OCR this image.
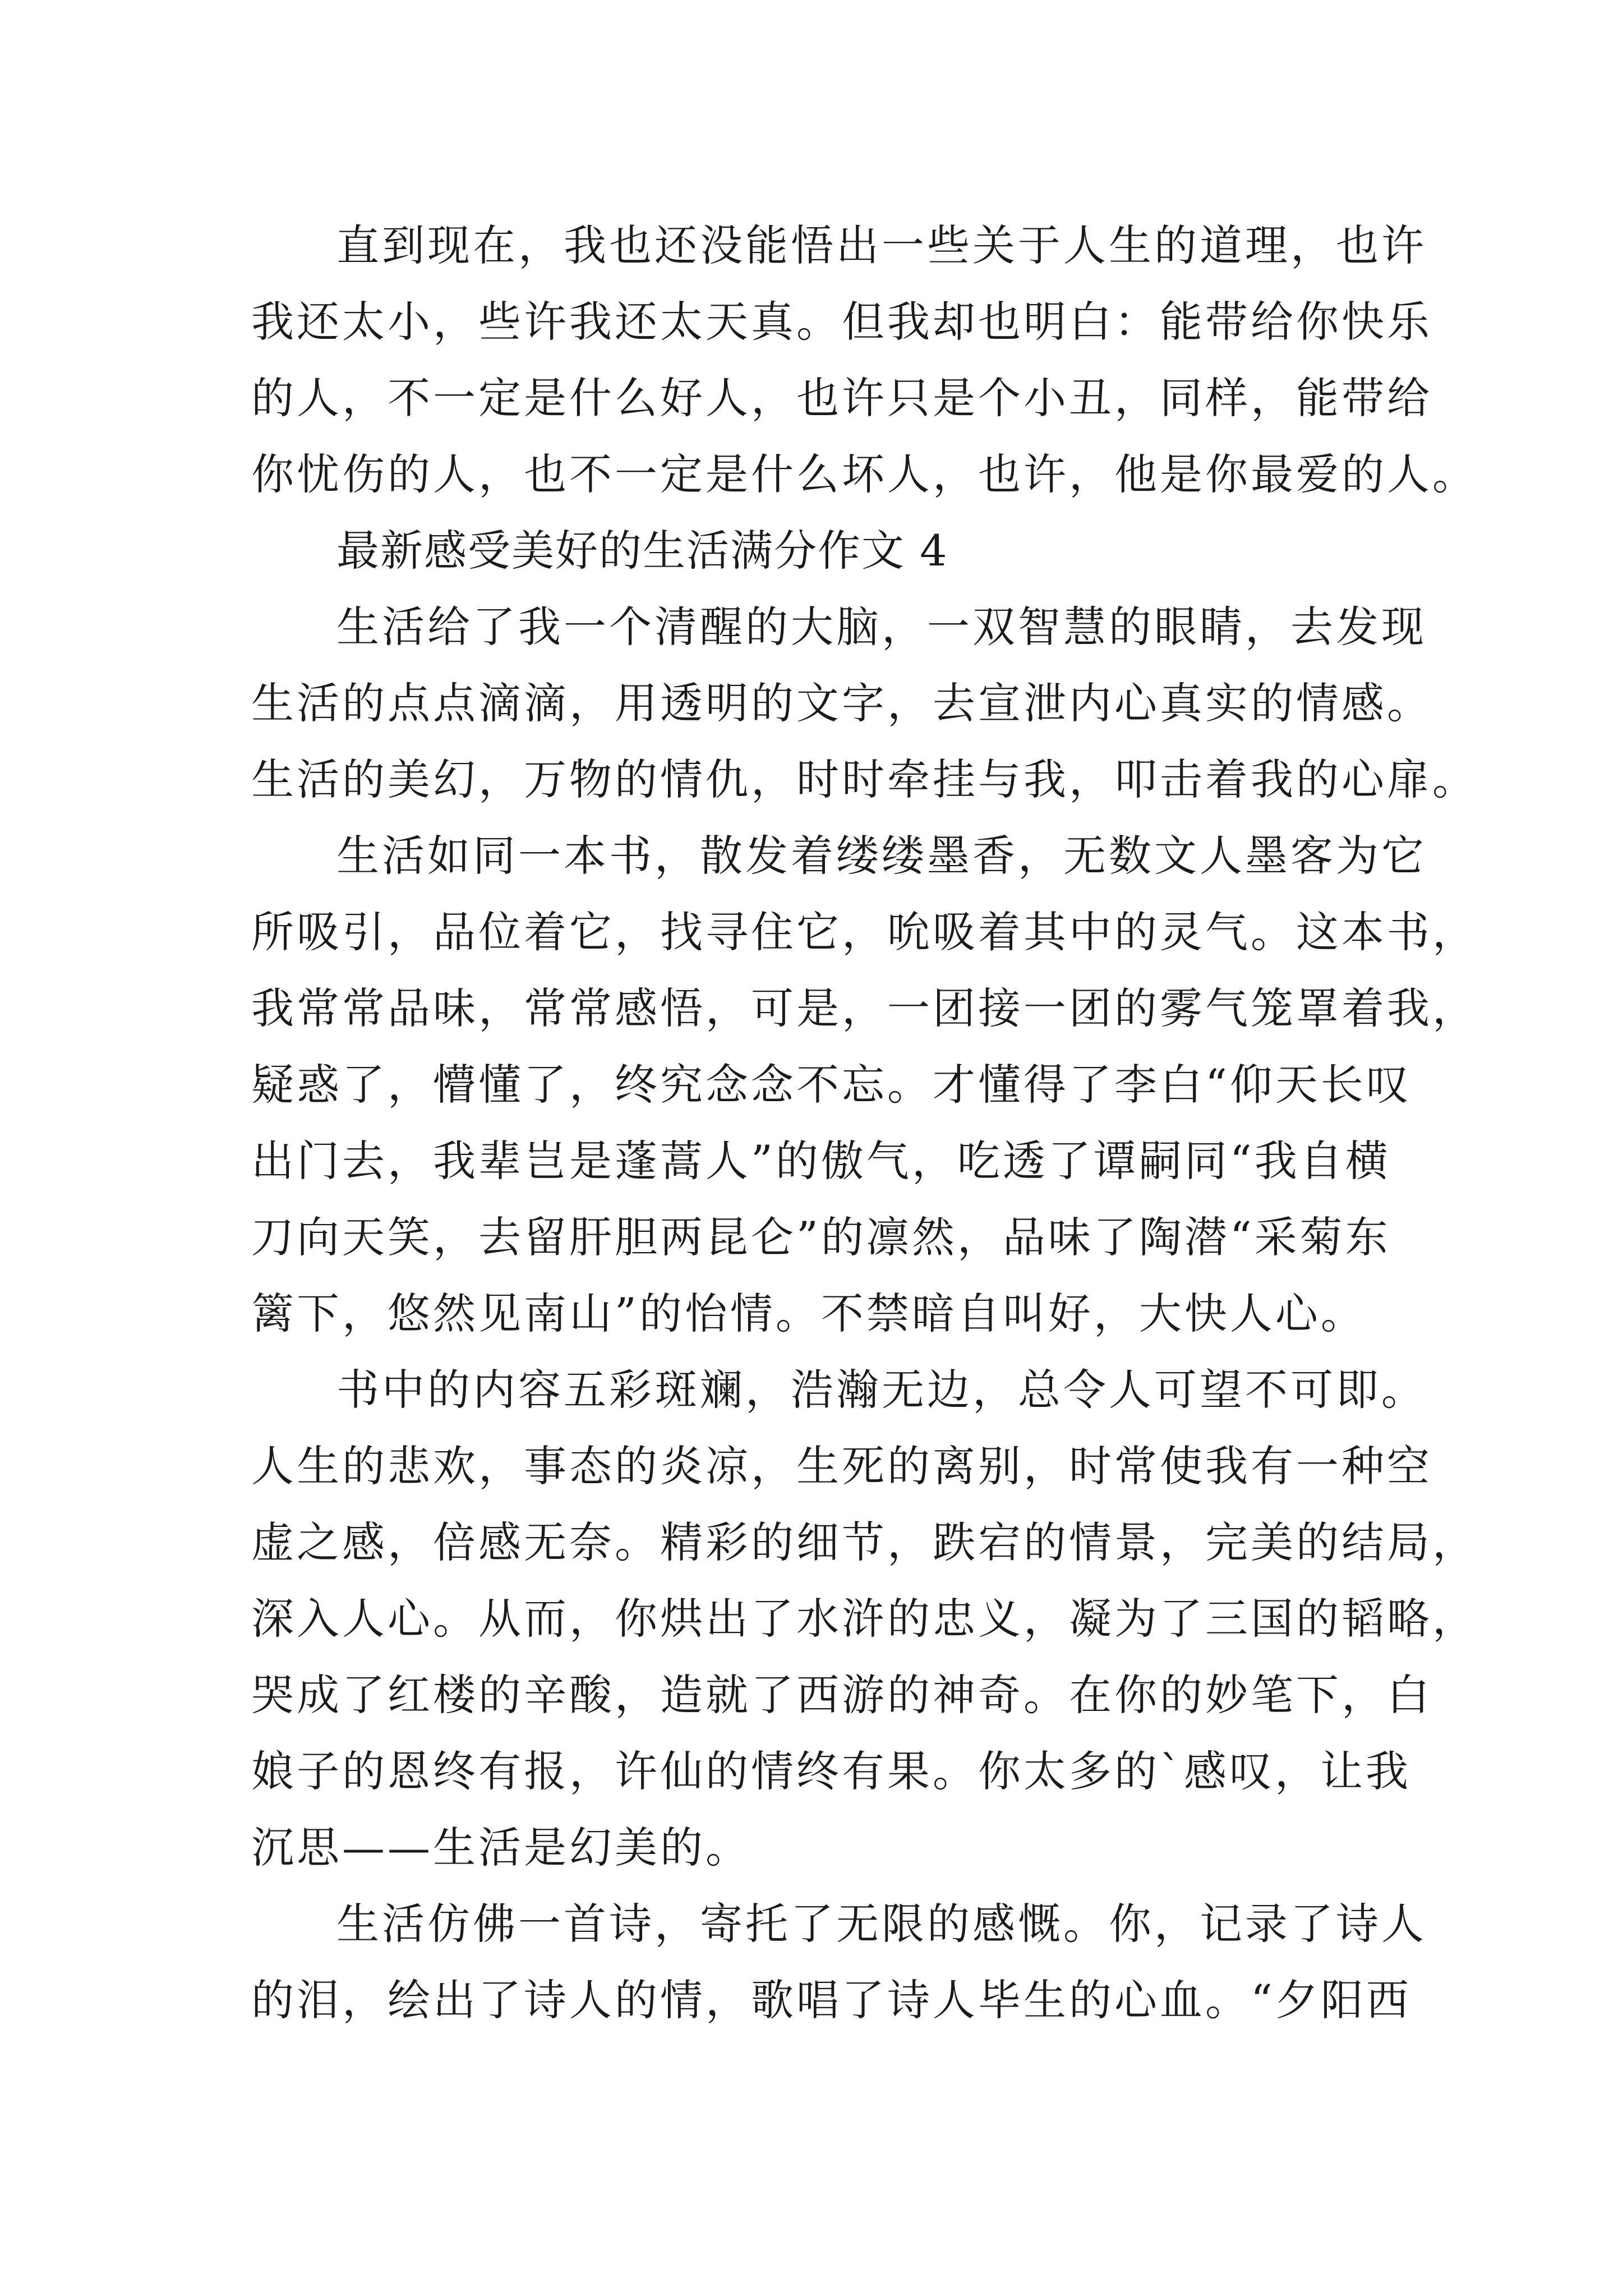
直到现在，我也还没能悟出一些关于人生的道理，也许
我还太小，些许我还太天真。但我却也明白：能带给你快乐
的人，不一定是什么好人，也许只是个小丑，同样，能带给
你忧伤的人，也不一定是什么坏人，也许，他是你最爱的人。
最新感受美好的生活满分作文 4
生活给了我一个清醒的大脑，一双智慧的眼睛，去发现
生活的点点滴滴，用透明的文字，去宣泄内心真实的情感。
生活的美幻，万物的情仇，时时牵挂与我，叩击着我的心扉。
生活如同一本书，散发着缕缕墨香，无数文人墨客为它
所吸引，品位着它，找寻住它，吮吸着其中的灵气。这本书，
我常常品味，常常感悟，可是，一团接一团的雾气笼罩着我，
疑惑了，懵懂了，终究念念不忘。才懂得了李白“仰天长叹
出门去，我辈岂是蓬蒿人”的傲气，吃透了谭嗣同“我自横
刀向天笑，去留肝胆两昆仑”的凛然，品味了陶潜“采菊东
篱下，悠然见南山”的怡情。不禁暗自叫好，大快人心。
书中的内容五彩斑斓，浩瀚无边，总令人可望不可即。
人生的悲欢，事态的炎凉，生死的离别，时常使我有一种空
虚之感，倍感无奈。精彩的细节，跌宕的情景，完美的结局，
深入人心。从而，你烘出了水浒的忠义，凝为了三国的韬略，
哭成了红楼的辛酸，造就了西游的神奇。在你的妙笔下，白
娘子的恩终有报，许仙的情终有果。你太多的`感叹，让我
沉思——生活是幻美的。
生活仿佛一首诗，寄托了无限的感慨。你，记录了诗人
的泪，绘出了诗人的情，歌唱了诗人毕生的心血。“夕阳西
